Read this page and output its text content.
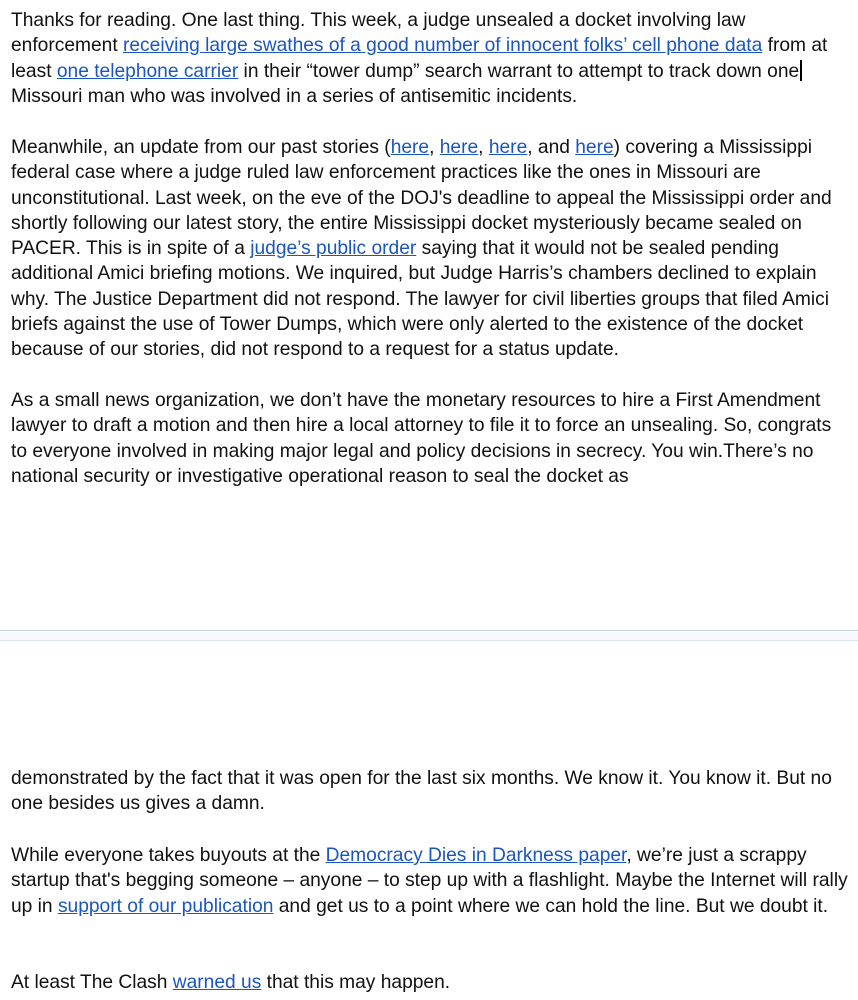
Thanks for reading. One last thing. This week, a judge unsealed a docket involving law enforcement receiving large swathes of a good number of innocent folks’ cell phone data from at least one telephone carrier in their “tower dump” search warrant to attempt to track down one Missouri man who was involved in a series of antisemitic incidents.

Meanwhile, an update from our past stories (here, here, here, and here) covering a Mississippi federal case where a judge ruled law enforcement practices like the ones in Missouri are unconstitutional. Last week, on the eve of the DOJ's deadline to appeal the Mississippi order and shortly following our latest story, the entire Mississippi docket mysteriously became sealed on PACER. This is in spite of a judge’s public order saying that it would not be sealed pending additional Amici briefing motions. We inquired, but Judge Harris’s chambers declined to explain why. The Justice Department did not respond. The lawyer for civil liberties groups that filed Amici briefs against the use of Tower Dumps, which were only alerted to the existence of the docket because of our stories, did not respond to a request for a status update.

As a small news organization, we don’t have the monetary resources to hire a First Amendment lawyer to draft a motion and then hire a local attorney to file it to force an unsealing. So, congrats to everyone involved in making major legal and policy decisions in secrecy. You win.There’s no national security or investigative operational reason to seal the docket as

demonstrated by the fact that it was open for the last six months. We know it. You know it. But no one besides us gives a damn.

While everyone takes buyouts at the Democracy Dies in Darkness paper, we’re just a scrappy startup that's begging someone – anyone – to step up with a flashlight. Maybe the Internet will rally up in support of our publication and get us to a point where we can hold the line. But we doubt it.

At least The Clash warned us that this may happen.
